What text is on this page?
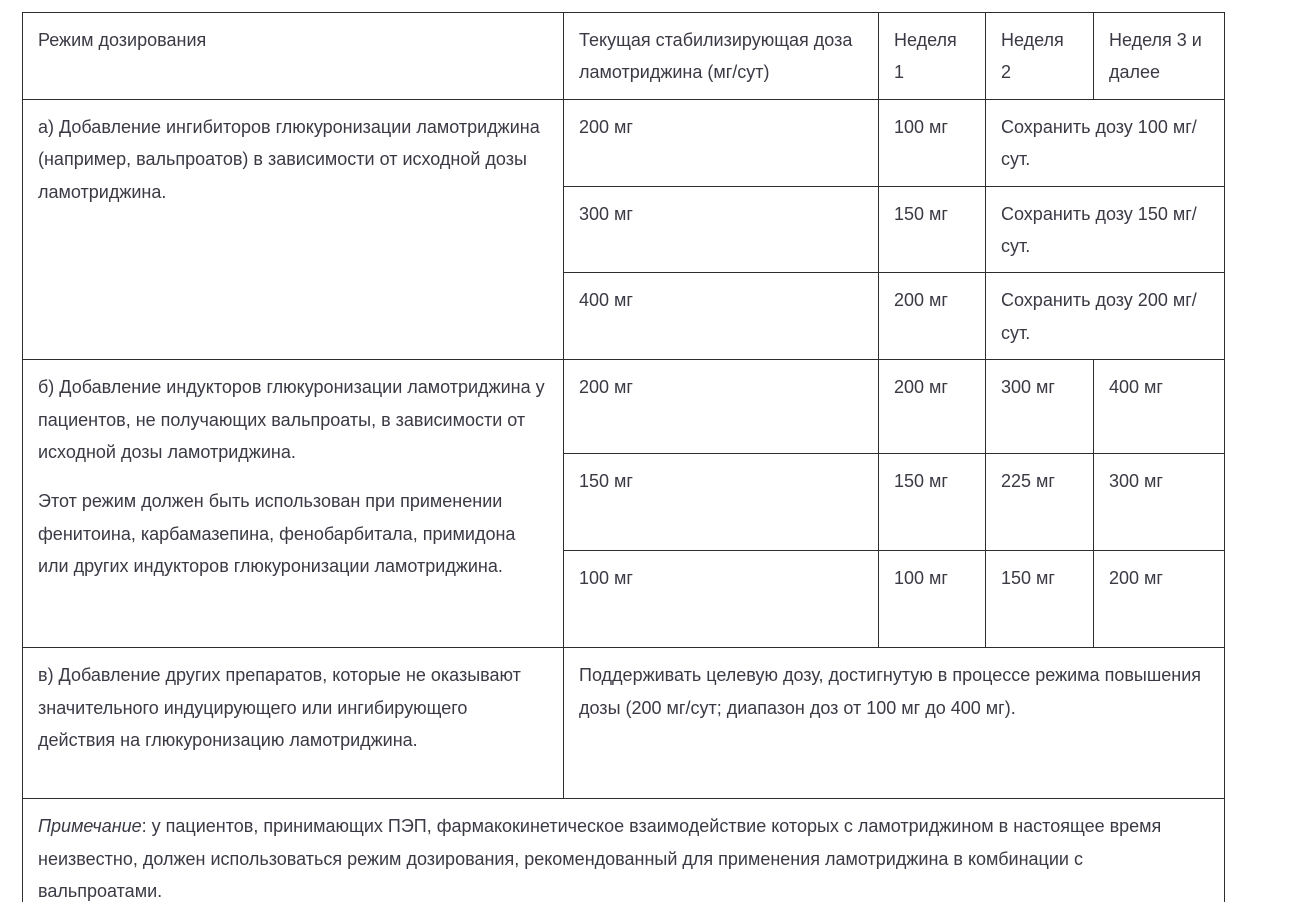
Режим дозирования	Текущая стабилизирующая доза ламотриджина (мг/сут)	Неделя 1	Неделя 2	Неделя 3 и далее

а) Добавление ингибиторов глюкуронизации ламотриджина (например, вальпроатов) в зависимости от исходной дозы ламотриджина.	200 мг	100 мг	Сохранить дозу 100 мг/сут.	
	300 мг	150 мг	Сохранить дозу 150 мг/сут.	
	400 мг	200 мг	Сохранить дозу 200 мг/сут.	

б) Добавление индукторов глюкуронизации ламотриджина у пациентов, не получающих вальпроаты, в зависимости от исходной дозы ламотриджина.

Этот режим должен быть использован при применении фенитоина, карбамазепина, фенобарбитала, примидона или других индукторов глюкуронизации ламотриджина.	200 мг	200 мг	300 мг	400 мг
	150 мг	150 мг	225 мг	300 мг
	100 мг	100 мг	150 мг	200 мг
в) Добавление других препаратов, которые не оказывают значительного индуцирующего или ингибирующего действия на глюкуронизацию ламотриджина.	Поддерживать целевую дозу, достигнутую в процессе режима повышения дозы (200 мг/сут; диапазон доз от 100 мг до 400 мг).			

Примечание: у пациентов, принимающих ПЭП, фармакокинетическое взаимодействие которых с ламотриджином в настоящее время неизвестно, должен использоваться режим дозирования, рекомендованный для применения ламотриджина в комбинации с вальпроатами.				
